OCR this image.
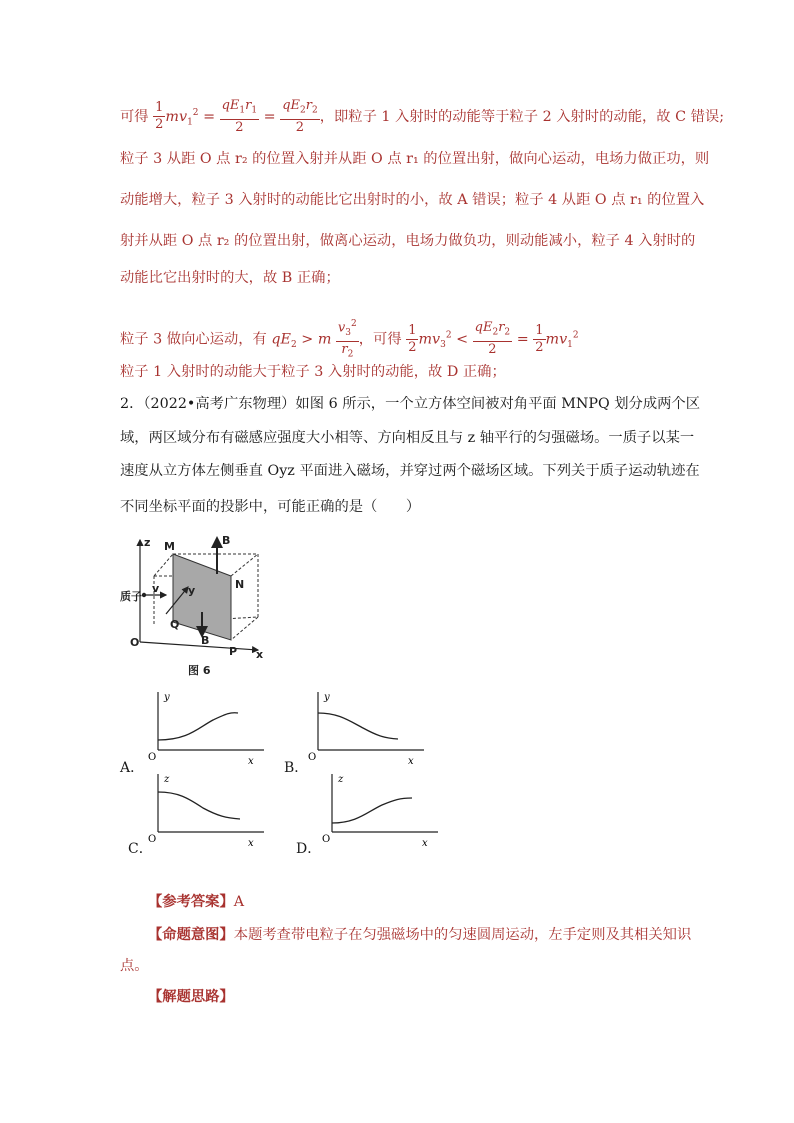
可得 $\frac{1}{2} mv_1^2 = \frac{qE_1r_1}{2} = \frac{qE_2r_2}{2}$ ，即粒子 1 入射时的动能等于粒子 2 入射时的动能，故 C 错误;
粒子 3 从距 O 点 r₂ 的位置入射并从距 O 点 r₁ 的位置出射，做向心运动，电场力做正功，则
动能增大，粒子 3 入射时的动能比它出射时的小，故 A 错误；粒子 4 从距 O 点 r₁ 的位置入
射并从距 O 点 r₂ 的位置出射，做离心运动，电场力做负功，则动能减小，粒子 4 入射时的
动能比它出射时的大，故 B 正确；
粒子 3 做向心运动，有 $qE_2 > m \frac{v_3^2}{r_2}$ ，可得 $\frac{1}{2} mv_3^2 < \frac{qE_2r_2}{2} = \frac{1}{2} mv_1^2$
粒子 1 入射时的动能大于粒子 3 入射时的动能，故 D 正确；
2．（2022•高考广东物理）如图 6 所示，一个立方体空间被对角平面 MNPQ 划分成两个区
域，两区域分布有磁感应强度大小相等、方向相反且与 z 轴平行的匀强磁场。一质子以某一
速度从立方体左侧垂直 Oyz 平面进入磁场，并穿过两个磁场区域。下列关于质子运动轨迹在
不同坐标平面的投影中，可能正确的是（　　）
z M	B
N
质子
v	y
Q
B
O
P x
图 6
A．
y
x
O
B．
y
x
O
C．
z
x
O
D．
z
x
O
【参考答案】A
【命题意图】本题考查带电粒子在匀强磁场中的匀速圆周运动，左手定则及其相关知识
点。
【解题思路】
